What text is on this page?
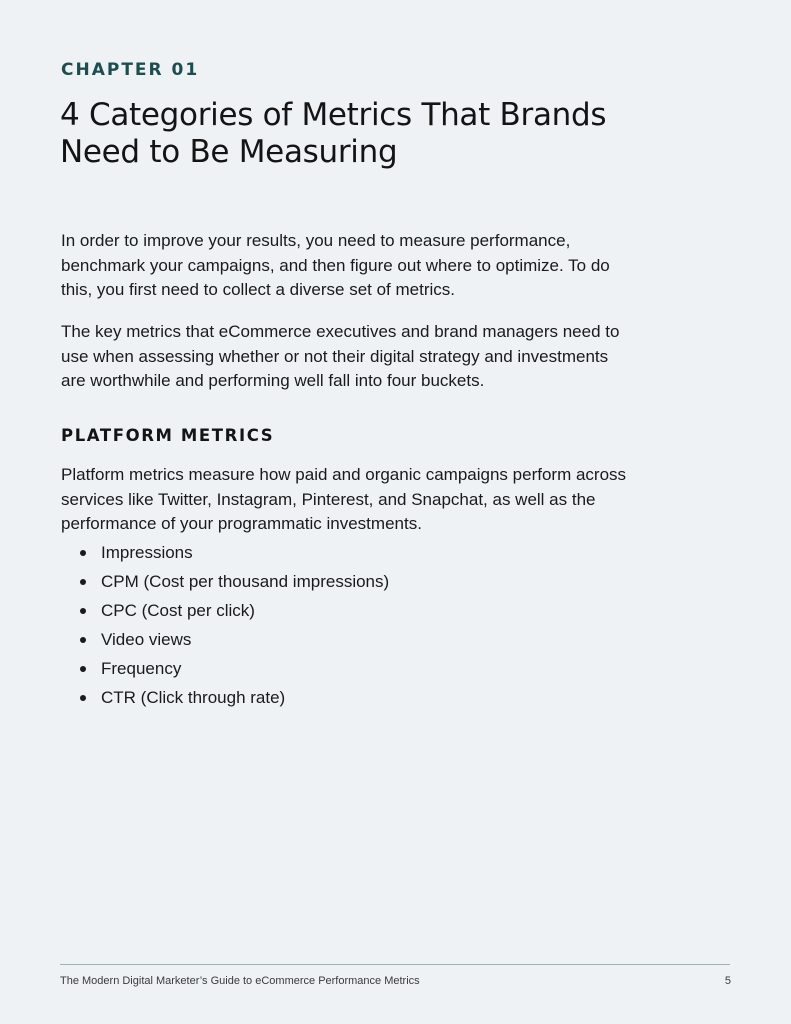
CHAPTER 01
4 Categories of Metrics That Brands Need to Be Measuring

In order to improve your results, you need to measure performance, benchmark your campaigns, and then figure out where to optimize. To do this, you first need to collect a diverse set of metrics.

The key metrics that eCommerce executives and brand managers need to use when assessing whether or not their digital strategy and investments are worthwhile and performing well fall into four buckets.

PLATFORM METRICS

Platform metrics measure how paid and organic campaigns perform across services like Twitter, Instagram, Pinterest, and Snapchat, as well as the performance of your programmatic investments.

Impressions
CPM (Cost per thousand impressions)
CPC (Cost per click)
Video views
Frequency
CTR (Click through rate)
The Modern Digital Marketer’s Guide to eCommerce Performance Metrics	5
